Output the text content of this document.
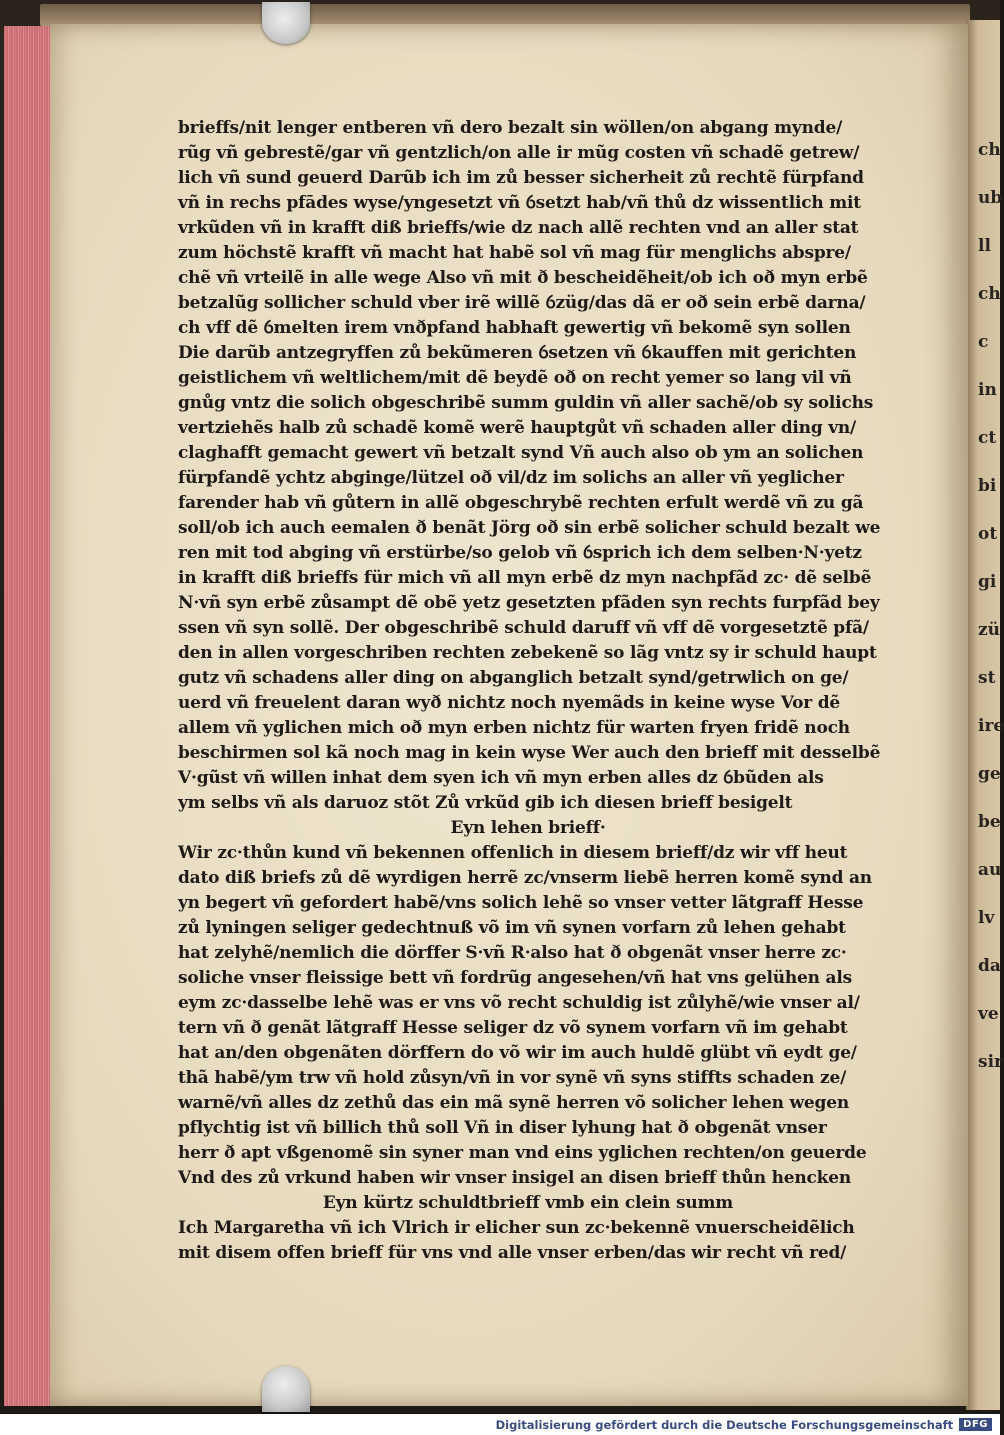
ch
ub
ll
ch
c
in
ct
bi
ot
gi
zü
st
ire
ge
be
au
lv
da
ve
sir
brieffs/nit lenger entberen vñ dero bezalt sin wöllen/on abgang mynde/
rũg vñ gebrestẽ/gar vñ gentzlich/on alle ir mũg costen vñ schadẽ getrew/
lich vñ sund geuerd Darũb ich im zů besser sicherheit zů rechtẽ fürpfand
vñ in rechs pfādes wyse/yngesetzt vñ ỽsetzt hab/vñ thů dz wissentlich mit
vrkũden vñ in krafft diß brieffs/wie dz nach allẽ rechten vnd an aller stat
zum höchstẽ krafft vñ macht hat habẽ sol vñ mag für menglichs abspre/
chẽ vñ vrteilẽ in alle wege Also vñ mit ð bescheidẽheit/ob ich oð myn erbẽ
betzalũg sollicher schuld vber irẽ willẽ ỽzüg/das dã er oð sein erbẽ darna/
ch vff dẽ ỽmelten irem vnðpfand habhaft gewertig vñ bekomẽ syn sollen
Die darũb antzegryffen zů bekũmeren ỽsetzen vñ ỽkauffen mit gerichten
geistlichem vñ weltlichem/mit dẽ beydẽ oð on recht yemer so lang vil vñ
gnůg vntz die solich obgeschribẽ summ guldin vñ aller sachẽ/ob sy solichs
vertziehẽs halb zů schadẽ komẽ werẽ hauptgůt vñ schaden aller ding vn/
claghafft gemacht gewert vñ betzalt synd Vñ auch also ob ym an solichen
fürpfandẽ ychtz abginge/lützel oð vil/dz im solichs an aller vñ yeglicher
farender hab vñ gůtern in allẽ obgeschrybẽ rechten erfult werdẽ vñ zu gã
soll/ob ich auch eemalen ð benãt Jörg oð sin erbẽ solicher schuld bezalt we
ren mit tod abging vñ erstürbe/so gelob vñ ỽsprich ich dem selben·N·yetz
in krafft diß brieffs für mich vñ all myn erbẽ dz myn nachpfãd zc· dẽ selbẽ
N·vñ syn erbẽ zůsampt dẽ obẽ yetz gesetzten pfãden syn rechts furpfãd bey
ssen vñ syn sollẽ. Der obgeschribẽ schuld daruff vñ vff dẽ vorgesetztẽ pfã/
den in allen vorgeschriben rechten zebekenẽ so lãg vntz sy ir schuld haupt
gutz vñ schadens aller ding on abganglich betzalt synd/getrwlich on ge/
uerd vñ freuelent daran wyð nichtz noch nyemãds in keine wyse Vor dẽ
allem vñ yglichen mich oð myn erben nichtz für warten fryen fridẽ noch
beschirmen sol kã noch mag in kein wyse Wer auch den brieff mit desselbẽ
V·gũst vñ willen inhat dem syen ich vñ myn erben alles dz ỽbũden als
ym selbs vñ als daruoz stõt Zů vrkũd gib ich diesen brieff besigelt
Eyn lehen brieff·
Wir zc·thůn kund vñ bekennen offenlich in diesem brieff/dz wir vff heut
dato diß briefs zů dẽ wyrdigen herrẽ zc/vnserm liebẽ herren komẽ synd an
yn begert vñ gefordert habẽ/vns solich lehẽ so vnser vetter lãtgraff Hesse
zů lyningen seliger gedechtnuß võ im vñ synen vorfarn zů lehen gehabt
hat zelyhẽ/nemlich die dörffer S·vñ R·also hat ð obgenãt vnser herre zc·
soliche vnser fleissige bett vñ fordrũg angesehen/vñ hat vns gelühen als
eym zc·dasselbe lehẽ was er vns võ recht schuldig ist zůlyhẽ/wie vnser al/
tern vñ ð genãt lãtgraff Hesse seliger dz võ synem vorfarn vñ im gehabt
hat an/den obgenãten dörffern do võ wir im auch huldẽ glübt vñ eydt ge/
thã habẽ/ym trw vñ hold zůsyn/vñ in vor synẽ vñ syns stiffts schaden ze/
warnẽ/vñ alles dz zethů das ein mã synẽ herren võ solicher lehen wegen
pflychtig ist vñ billich thů soll Vñ in diser lyhung hat ð obgenãt vnser
herr ð apt vßgenomẽ sin syner man vnd eins yglichen rechten/on geuerde
Vnd des zů vrkund haben wir vnser insigel an disen brieff thůn hencken
Eyn kürtz schuldtbrieff vmb ein clein summ
Ich Margaretha vñ ich Vlrich ir elicher sun zc·bekennẽ vnuerscheidẽlich
mit disem offen brieff für vns vnd alle vnser erben/das wir recht vñ red/
Digitalisierung gefördert durch die Deutsche Forschungsgemeinschaft	DFG
